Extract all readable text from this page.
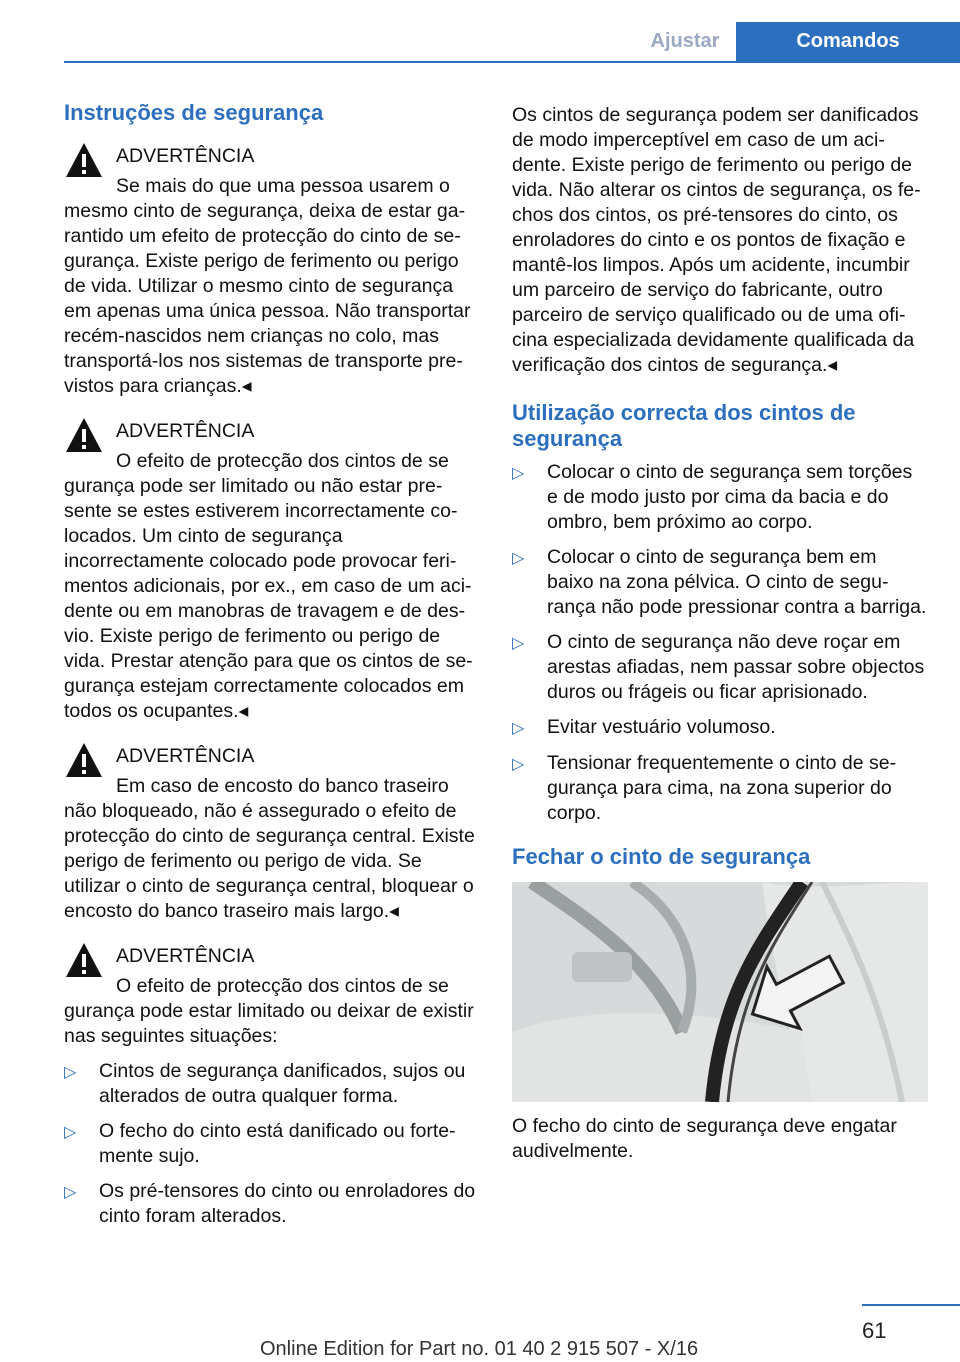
Ajustar	Comandos
Instruções de segurança
ADVERTÊNCIA
Se mais do que uma pessoa usarem o
mesmo cinto de segurança, deixa de estar garantido um efeito de protecção do cinto de segurança. Existe perigo de ferimento ou perigo de vida. Utilizar o mesmo cinto de segurança em apenas uma única pessoa. Não transportar recém-nascidos nem crianças no colo, mas transportá-los nos sistemas de transporte previstos para crianças.◂
ADVERTÊNCIA
O efeito de protecção dos cintos de se
gurança pode ser limitado ou não estar presente se estes estiverem incorrectamente colocados. Um cinto de segurança incorrectamente colocado pode provocar ferimentos adicionais, por ex., em caso de um acidente ou em manobras de travagem e de desvio. Existe perigo de ferimento ou perigo de vida. Prestar atenção para que os cintos de segurança estejam correctamente colocados em todos os ocupantes.◂
ADVERTÊNCIA
Em caso de encosto do banco traseiro
não bloqueado, não é assegurado o efeito de protecção do cinto de segurança central. Existe perigo de ferimento ou perigo de vida. Se utilizar o cinto de segurança central, bloquear o encosto do banco traseiro mais largo.◂
ADVERTÊNCIA
O efeito de protecção dos cintos de se
gurança pode estar limitado ou deixar de existir nas seguintes situações:
▷	Cintos de segurança danificados, sujos ou alterados de outra qualquer forma.
▷	O fecho do cinto está danificado ou fortemente sujo.
▷	Os pré-tensores do cinto ou enroladores do cinto foram alterados.

Os cintos de segurança podem ser danificados de modo imperceptível em caso de um acidente. Existe perigo de ferimento ou perigo de vida. Não alterar os cintos de segurança, os fechos dos cintos, os pré-tensores do cinto, os enroladores do cinto e os pontos de fixação e mantê-los limpos. Após um acidente, incumbir um parceiro de serviço do fabricante, outro parceiro de serviço qualificado ou de uma oficina especializada devidamente qualificada da verificação dos cintos de segurança.◂

Utilização correcta dos cintos de segurança
▷	Colocar o cinto de segurança sem torções e de modo justo por cima da bacia e do ombro, bem próximo ao corpo.
▷	Colocar o cinto de segurança bem em baixo na zona pélvica. O cinto de segurança não pode pressionar contra a barriga.
▷	O cinto de segurança não deve roçar em arestas afiadas, nem passar sobre objectos duros ou frágeis ou ficar aprisionado.
▷	Evitar vestuário volumoso.
▷	Tensionar frequentemente o cinto de segurança para cima, na zona superior do corpo.
Fechar o cinto de segurança

O fecho do cinto de segurança deve engatar audivelmente.

61
Online Edition for Part no. 01 40 2 915 507 - X/16
